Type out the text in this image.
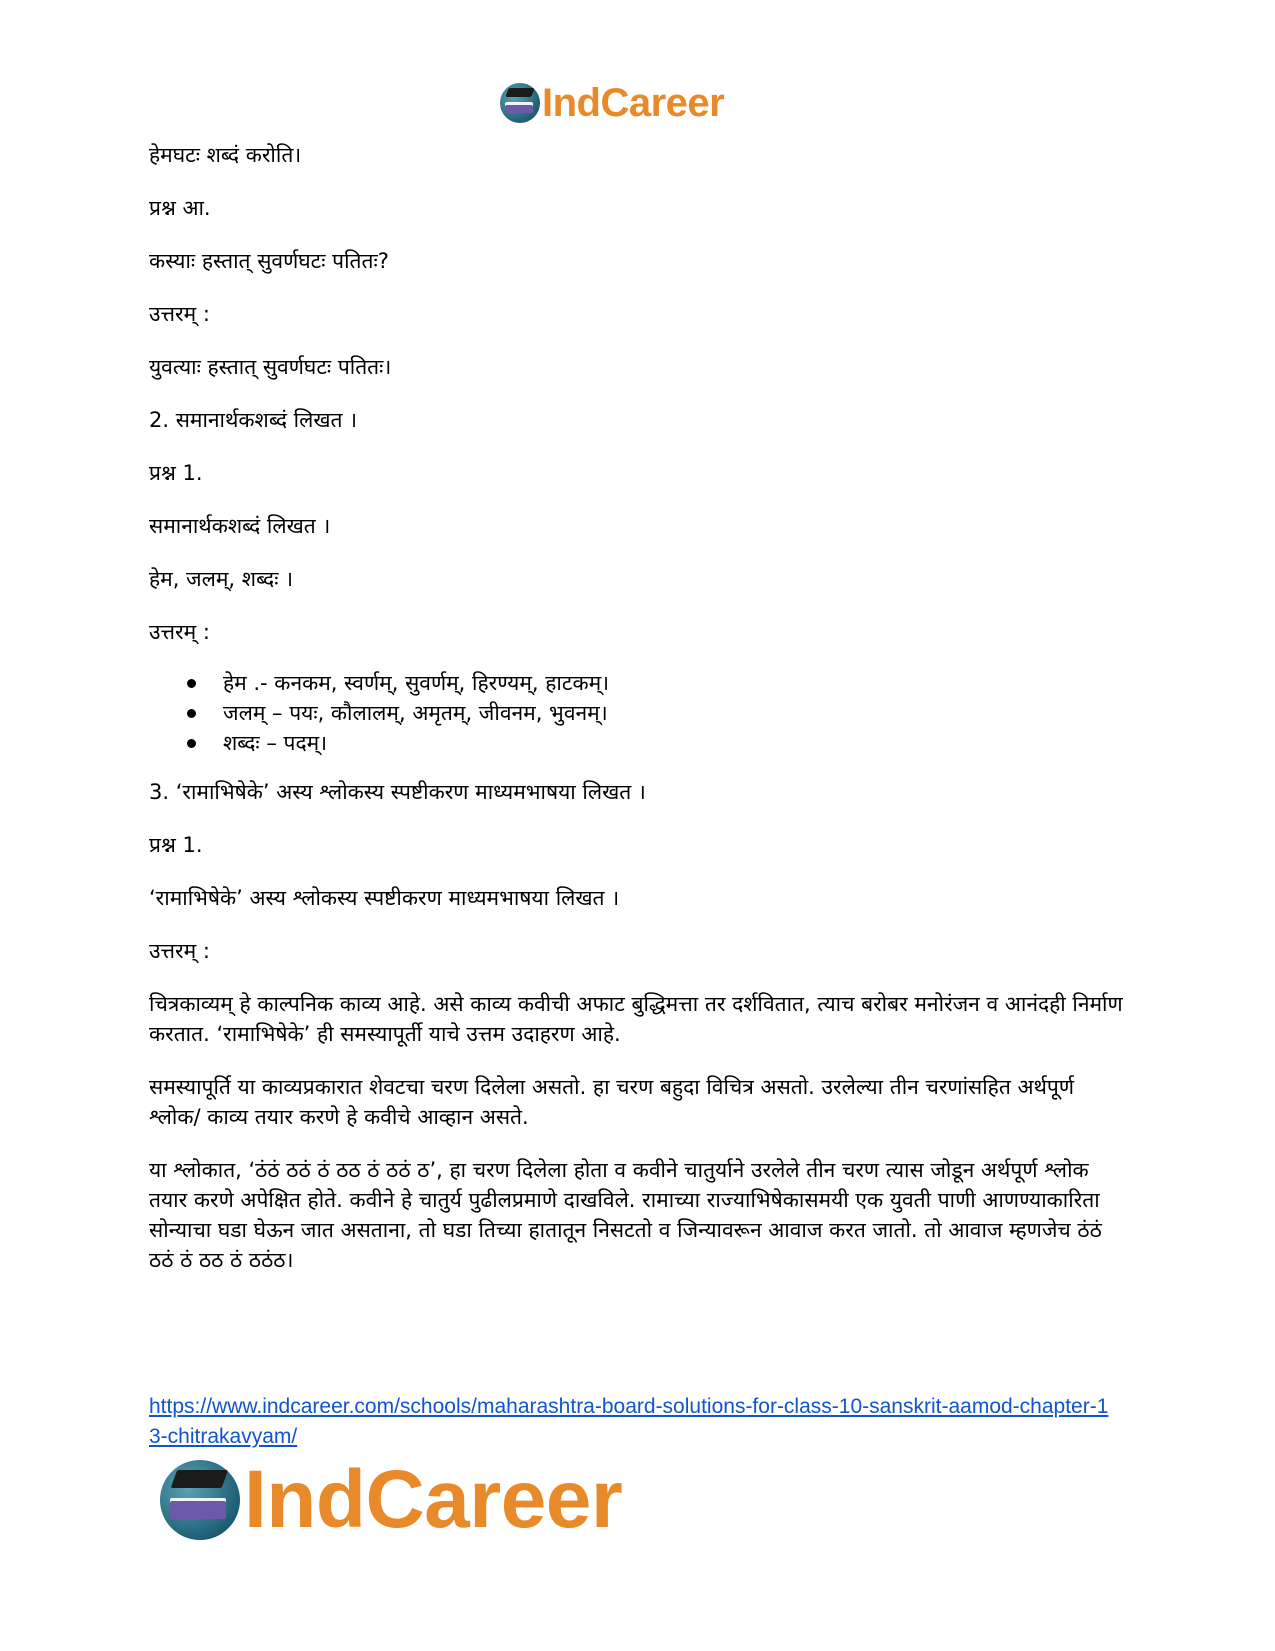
IndCareer

हेमघटः शब्दं करोति।

प्रश्न आ.

कस्याः हस्तात् सुवर्णघटः पतितः?

उत्तरम् :

युवत्याः हस्तात् सुवर्णघटः पतितः।

2. समानार्थकशब्दं लिखत ।

प्रश्न 1.

समानार्थकशब्दं लिखत ।

हेम, जलम्, शब्दः ।

उत्तरम् :

हेम .- कनकम, स्वर्णम्, सुवर्णम्, हिरण्यम्, हाटकम्।
जलम् – पयः, कौलालम्, अमृतम्, जीवनम, भुवनम्।
शब्दः – पदम्।

3. ‘रामाभिषेके’ अस्य श्लोकस्य स्पष्टीकरण माध्यमभाषया लिखत ।

प्रश्न 1.

‘रामाभिषेके’ अस्य श्लोकस्य स्पष्टीकरण माध्यमभाषया लिखत ।

उत्तरम् :

चित्रकाव्यम् हे काल्पनिक काव्य आहे. असे काव्य कवीची अफाट बुद्धिमत्ता तर दर्शवितात, त्याच बरोबर मनोरंजन व आनंदही निर्माण करतात. ‘रामाभिषेके’ ही समस्यापूर्ती याचे उत्तम उदाहरण आहे.

समस्यापूर्ति या काव्यप्रकारात शेवटचा चरण दिलेला असतो. हा चरण बहुदा विचित्र असतो. उरलेल्या तीन चरणांसहित अर्थपूर्ण श्लोक/ काव्य तयार करणे हे कवीचे आव्हान असते.

या श्लोकात, ‘ठंठं ठठं ठं ठठ ठं ठठं ठ’, हा चरण दिलेला होता व कवीने चातुर्याने उरलेले तीन चरण त्यास जोडून अर्थपूर्ण श्लोक तयार करणे अपेक्षित होते. कवीने हे चातुर्य पुढीलप्रमाणे दाखविले. रामाच्या राज्याभिषेकासमयी एक युवती पाणी आणण्याकारिता सोन्याचा घडा घेऊन जात असताना, तो घडा तिच्या हातातून निसटतो व जिन्यावरून आवाज करत जातो. तो आवाज म्हणजेच ठंठं ठठं ठं ठठ ठं ठठंठ।

https://www.indcareer.com/schools/maharashtra-board-solutions-for-class-10-sanskrit-aamod-chapter-13-chitrakavyam/
IndCareer
